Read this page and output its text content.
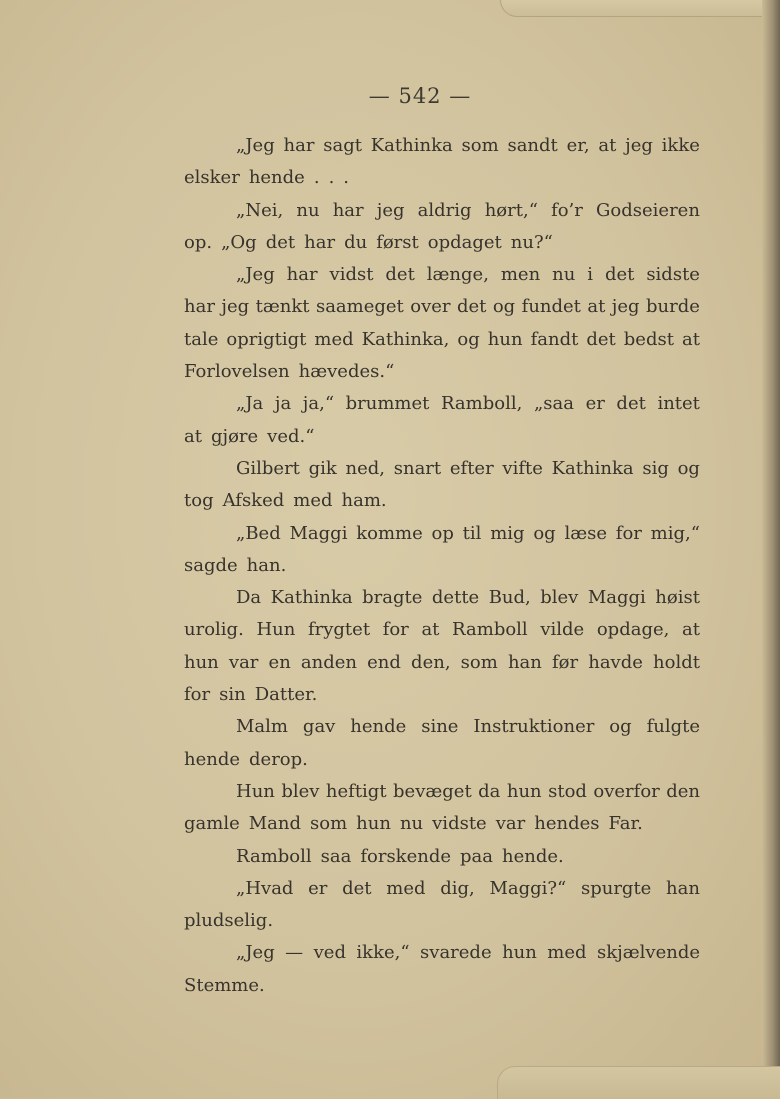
— 542 —
„Jeg har sagt Kathinka som sandt er, at jeg ikke
elsker hende . . .
„Nei, nu har jeg aldrig hørt,“ fo’r Godseieren
op. „Og det har du først opdaget nu?“
„Jeg har vidst det længe, men nu i det sidste
har jeg tænkt saameget over det og fundet at jeg burde
tale oprigtigt med Kathinka, og hun fandt det bedst at
Forlovelsen hævedes.“
„Ja ja ja,“ brummet Ramboll, „saa er det intet
at gjøre ved.“
Gilbert gik ned, snart efter vifte Kathinka sig og
tog Afsked med ham.
„Bed Maggi komme op til mig og læse for mig,“
sagde han.
Da Kathinka bragte dette Bud, blev Maggi høist
urolig. Hun frygtet for at Ramboll vilde opdage, at
hun var en anden end den, som han før havde holdt
for sin Datter.
Malm gav hende sine Instruktioner og fulgte
hende derop.
Hun blev heftigt bevæget da hun stod overfor den
gamle Mand som hun nu vidste var hendes Far.
Ramboll saa forskende paa hende.
„Hvad er det med dig, Maggi?“ spurgte han
pludselig.
„Jeg — ved ikke,“ svarede hun med skjælvende
Stemme.
